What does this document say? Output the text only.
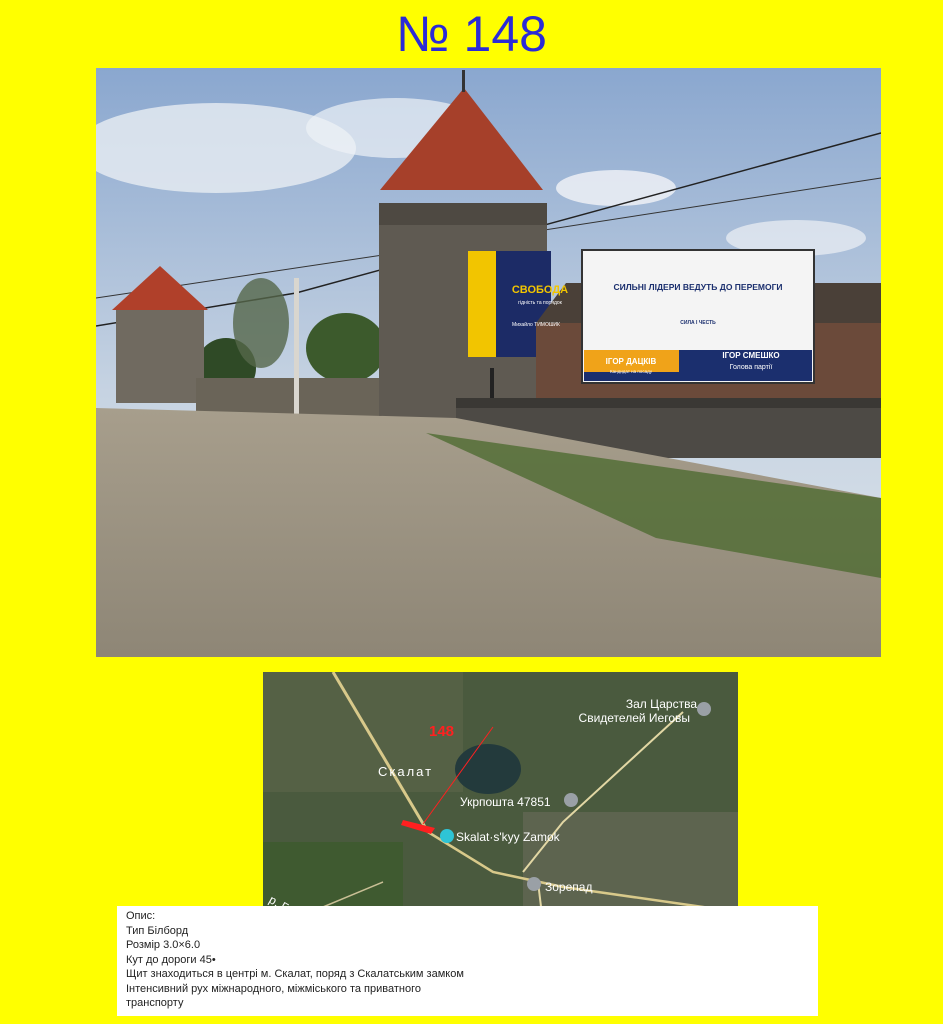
№ 148
СВОБОДА
гідність та порядок
Михайло ТИМОШИК
СИЛЬНІ ЛІДЕРИ ВЕДУТЬ ДО ПЕРЕМОГИ
СИЛА І ЧЕСТЬ
ІГОР ДАЦКІВ
Кандидат на посаду
ІГОР СМЕШКО
Голова партії
148
Скалат
Зал Царства
Свидетелей Иеговы
Укрпошта 47851
Skalat·s'kyy Zamok
Зорепад
Опис:
Тип Білборд
Розмір 3.0×6.0
Кут до дороги 45•
Щит знаходиться в центрі м. Скалат, поряд з Скалатським замком
Інтенсивний рух міжнародного, міжміського та приватного
транспорту
